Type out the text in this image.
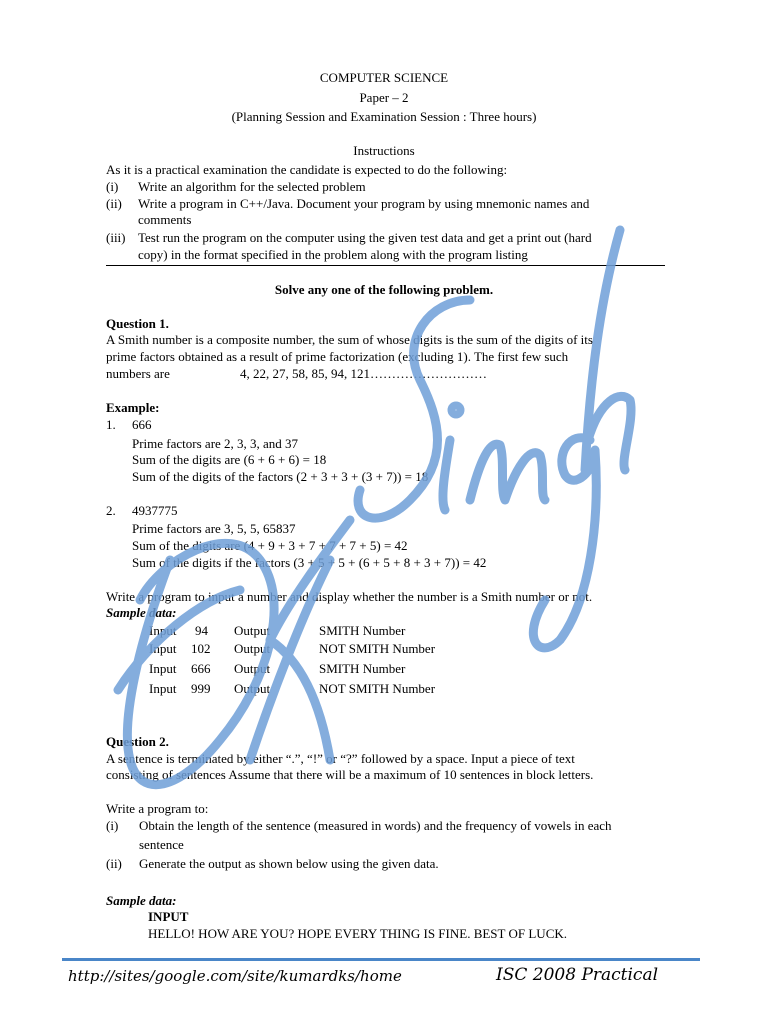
COMPUTER SCIENCE
Paper – 2
(Planning Session and Examination Session : Three hours)
Instructions
As it is a practical examination the candidate is expected to do the following:
(i) Write an algorithm for the selected problem
(ii) Write a program in C++/Java. Document your program by using mnemonic names and
comments
(iii) Test run the program on the computer using the given test data and get a print out (hard
copy) in the format specified in the problem along with the program listing
Solve any one of the following problem.
Question 1.
A Smith number is a composite number, the sum of whose digits is the sum of the digits of its
prime factors obtained as a result of prime factorization (excluding 1). The first few such
numbers are	4, 22, 27, 58, 85, 94, 121………………………
Example:
1. 666
Prime factors are 2, 3, 3, and 37
Sum of the digits are (6 + 6 + 6) = 18
Sum of the digits of the factors (2 + 3 + 3 + (3 + 7)) = 18
2. 4937775
Prime factors are 3, 5, 5, 65837
Sum of the digits are (4 + 9 + 3 + 7 + 7 + 7 + 5) = 42
Sum of the digits if the factors (3 + 5 + 5 + (6 + 5 + 8 + 3 + 7)) = 42
Write a program to input a number and display whether the number is a Smith number or not.
Sample data:
Input 94 Output	SMITH Number
Input 102 Output	NOT SMITH Number
Input 666 Output	SMITH Number
Input 999 Output	NOT SMITH Number
Question 2.
A sentence is terminated by either “.”, “!” or “?” followed by a space. Input a piece of text
consisting of sentences Assume that there will be a maximum of 10 sentences in block letters.
Write a program to:
(i) Obtain the length of the sentence (measured in words) and the frequency of vowels in each
sentence
(ii) Generate the output as shown below using the given data.
Sample data:
INPUT
HELLO! HOW ARE YOU? HOPE EVERY THING IS FINE. BEST OF LUCK.
http://sites/google.com/site/kumardks/home	ISC 2008 Practical
